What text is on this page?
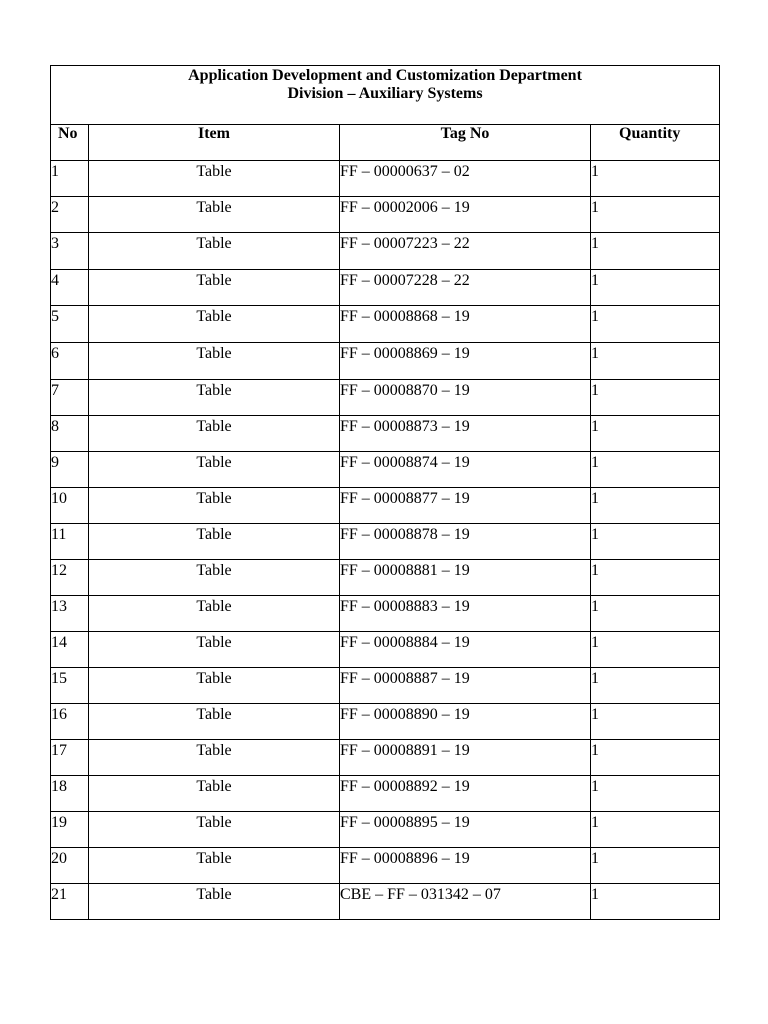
Application Development and Customization Department
Division – Auxiliary Systems			

No	Item	Tag No	Quantity
1	Table	FF – 00000637 – 02	1
2	Table	FF – 00002006 – 19	1
3	Table	FF – 00007223 – 22	1
4	Table	FF – 00007228 – 22	1
5	Table	FF – 00008868 – 19	1
6	Table	FF – 00008869 – 19	1
7	Table	FF – 00008870 – 19	1
8	Table	FF – 00008873 – 19	1
9	Table	FF – 00008874 – 19	1
10	Table	FF – 00008877 – 19	1
11	Table	FF – 00008878 – 19	1
12	Table	FF – 00008881 – 19	1
13	Table	FF – 00008883 – 19	1
14	Table	FF – 00008884 – 19	1
15	Table	FF – 00008887 – 19	1
16	Table	FF – 00008890 – 19	1
17	Table	FF – 00008891 – 19	1
18	Table	FF – 00008892 – 19	1
19	Table	FF – 00008895 – 19	1
20	Table	FF – 00008896 – 19	1
21	Table	CBE – FF – 031342 – 07	1
